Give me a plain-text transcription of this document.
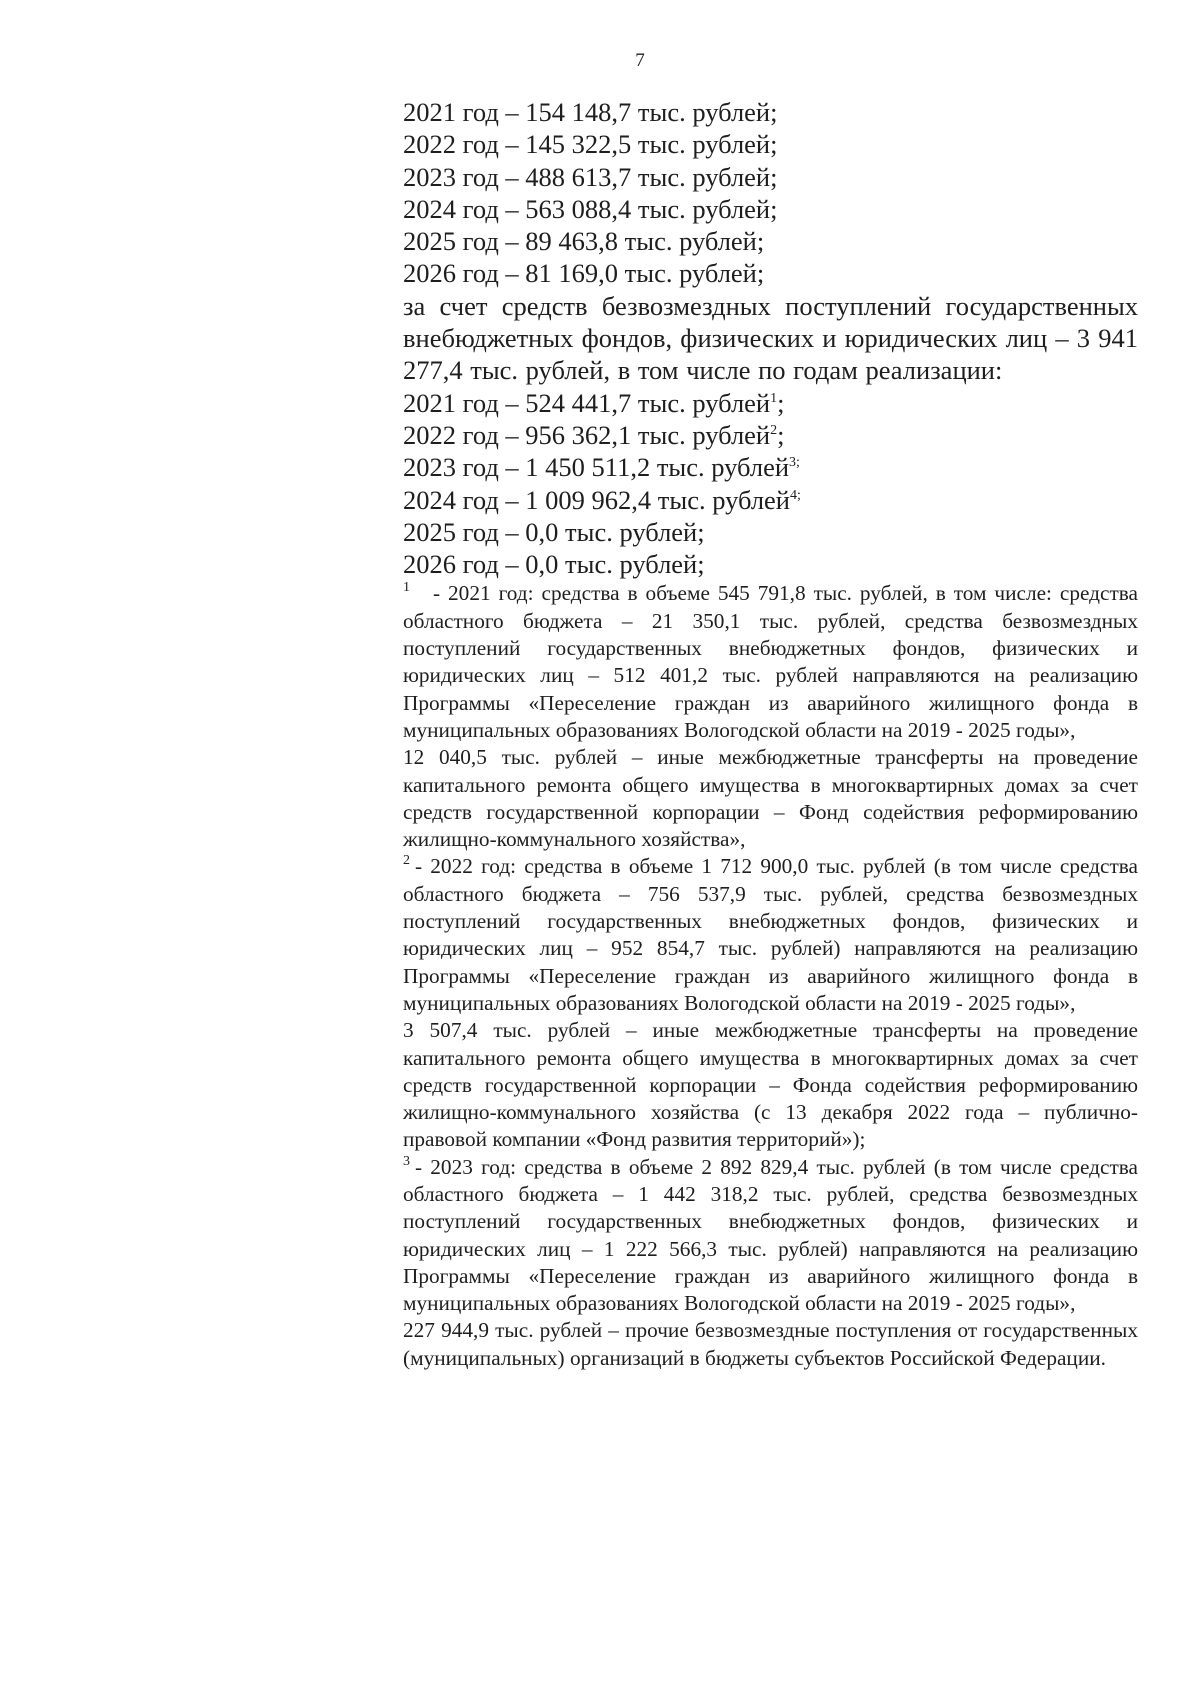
7
2021 год – 154 148,7 тыс. рублей;
2022 год – 145 322,5 тыс. рублей;
2023 год – 488 613,7 тыс. рублей;
2024 год – 563 088,4 тыс. рублей;
2025 год – 89 463,8 тыс. рублей;
2026 год – 81 169,0 тыс. рублей;
за счет средств безвозмездных поступлений государственных внебюджетных фондов, физических и юридических лиц – 3 941 277,4 тыс. рублей, в том числе по годам реализации:
2021 год – 524 441,7 тыс. рублей$^1$;
2022 год – 956 362,1 тыс. рублей$^2$;
2023 год – 1 450 511,2 тыс. рублей$^{3;}$
2024 год – 1 009 962,4 тыс. рублей$^{4;}$
2025 год – 0,0 тыс. рублей;
2026 год – 0,0 тыс. рублей;

1 - 2021 год: средства в объеме 545 791,8 тыс. рублей, в том числе: средства областного бюджета – 21 350,1 тыс. рублей, средства безвозмездных поступлений государственных внебюджетных фондов, физических и юридических лиц – 512 401,2 тыс. рублей направляются на реализацию Программы «Переселение граждан из аварийного жилищного фонда в муниципальных образованиях Вологодской области на 2019 - 2025 годы»,

12 040,5 тыс. рублей – иные межбюджетные трансферты на проведение капитального ремонта общего имущества в многоквартирных домах за счет средств государственной корпорации – Фонд содействия реформированию жилищно-коммунального хозяйства»,

2 - 2022 год: средства в объеме 1 712 900,0 тыс. рублей (в том числе средства областного бюджета – 756 537,9 тыс. рублей, средства безвозмездных поступлений государственных внебюджетных фондов, физических и юридических лиц – 952 854,7 тыс. рублей) направляются на реализацию Программы «Переселение граждан из аварийного жилищного фонда в муниципальных образованиях Вологодской области на 2019 - 2025 годы»,

3 507,4 тыс. рублей – иные межбюджетные трансферты на проведение капитального ремонта общего имущества в многоквартирных домах за счет средств государственной корпорации – Фонда содействия реформированию жилищно-коммунального хозяйства (с 13 декабря 2022 года – публично-правовой компании «Фонд развития территорий»);

3 - 2023 год: средства в объеме 2 892 829,4 тыс. рублей (в том числе средства областного бюджета – 1 442 318,2 тыс. рублей, средства безвозмездных поступлений государственных внебюджетных фондов, физических и юридических лиц – 1 222 566,3 тыс. рублей) направляются на реализацию Программы «Переселение граждан из аварийного жилищного фонда в муниципальных образованиях Вологодской области на 2019 - 2025 годы»,

227 944,9 тыс. рублей – прочие безвозмездные поступления от государственных (муниципальных) организаций в бюджеты субъектов Российской Федерации.
